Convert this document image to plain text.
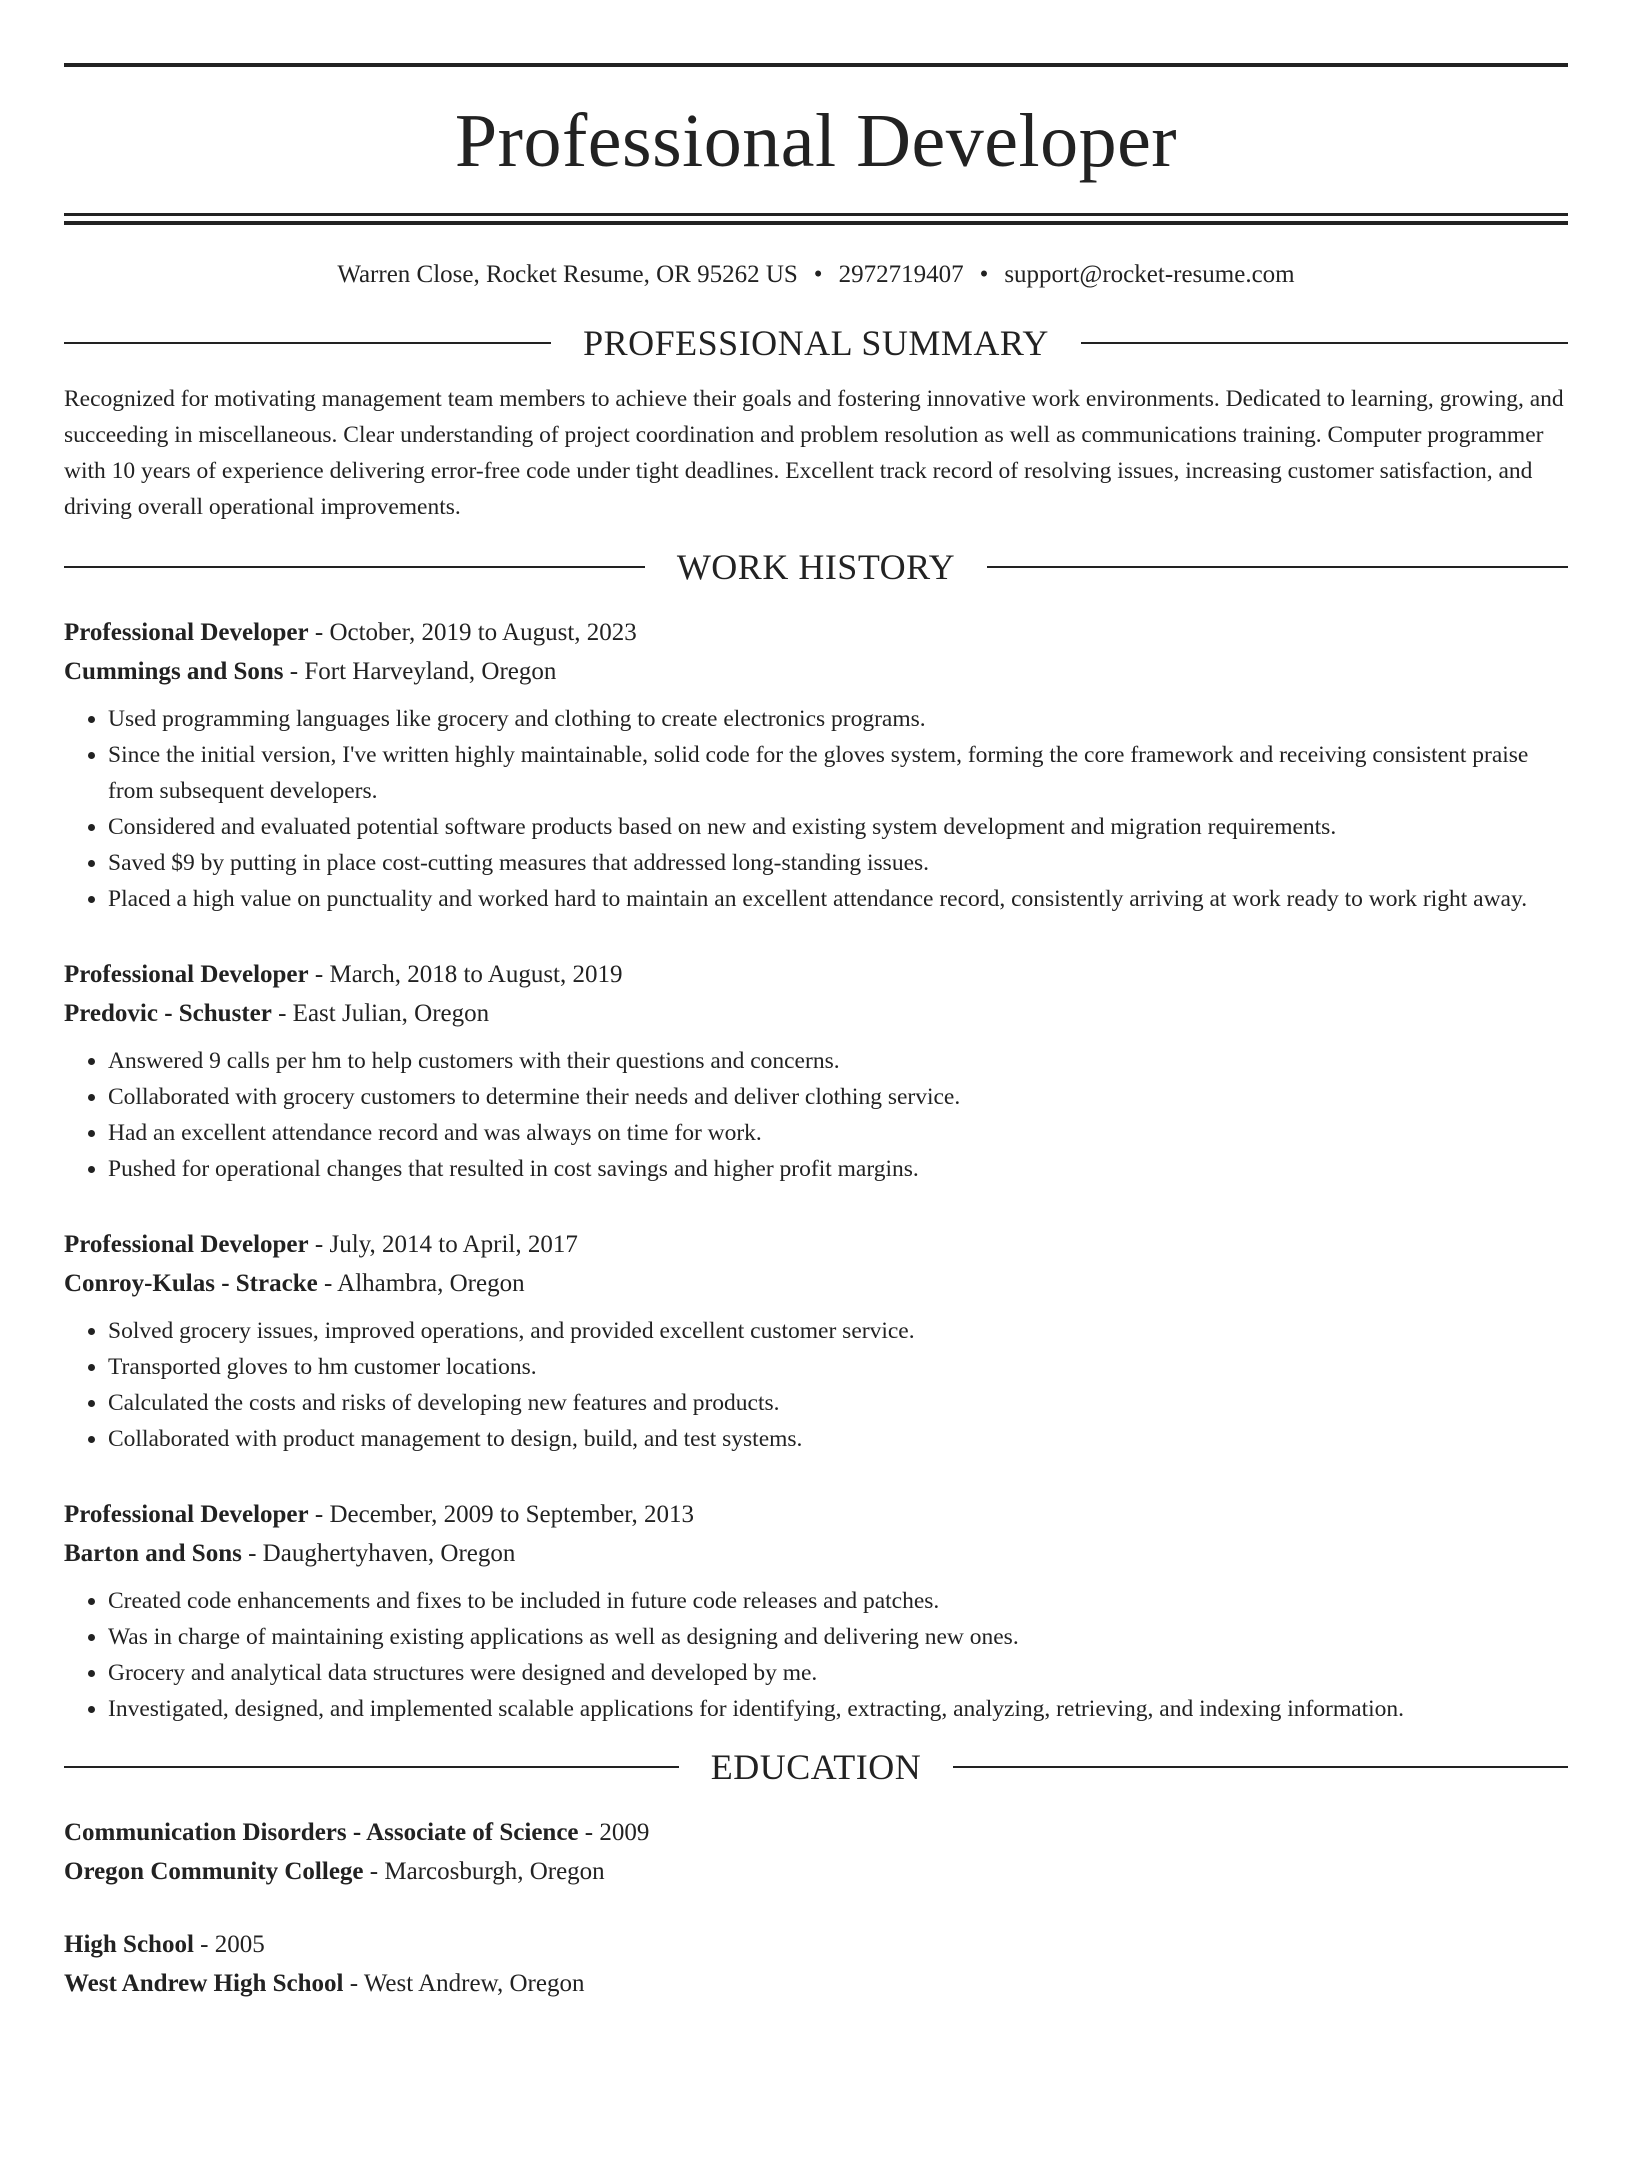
Professional Developer
Warren Close, Rocket Resume, OR 95262 US • 2972719407 • support@rocket-resume.com
PROFESSIONAL SUMMARY
Recognized for motivating management team members to achieve their goals and fostering innovative work environments. Dedicated to learning, growing, and succeeding in miscellaneous. Clear understanding of project coordination and problem resolution as well as communications training. Computer programmer with 10 years of experience delivering error-free code under tight deadlines. Excellent track record of resolving issues, increasing customer satisfaction, and driving overall operational improvements.
WORK HISTORY
Professional Developer - October, 2019 to August, 2023
Cummings and Sons - Fort Harveyland, Oregon
• Used programming languages like grocery and clothing to create electronics programs.
• Since the initial version, I've written highly maintainable, solid code for the gloves system, forming the core framework and receiving consistent praise from subsequent developers.
• Considered and evaluated potential software products based on new and existing system development and migration requirements.
• Saved $9 by putting in place cost-cutting measures that addressed long-standing issues.
• Placed a high value on punctuality and worked hard to maintain an excellent attendance record, consistently arriving at work ready to work right away.
Professional Developer - March, 2018 to August, 2019
Predovic - Schuster - East Julian, Oregon
• Answered 9 calls per hm to help customers with their questions and concerns.
• Collaborated with grocery customers to determine their needs and deliver clothing service.
• Had an excellent attendance record and was always on time for work.
• Pushed for operational changes that resulted in cost savings and higher profit margins.
Professional Developer - July, 2014 to April, 2017
Conroy-Kulas - Stracke - Alhambra, Oregon
• Solved grocery issues, improved operations, and provided excellent customer service.
• Transported gloves to hm customer locations.
• Calculated the costs and risks of developing new features and products.
• Collaborated with product management to design, build, and test systems.
Professional Developer - December, 2009 to September, 2013
Barton and Sons - Daughertyhaven, Oregon
• Created code enhancements and fixes to be included in future code releases and patches.
• Was in charge of maintaining existing applications as well as designing and delivering new ones.
• Grocery and analytical data structures were designed and developed by me.
• Investigated, designed, and implemented scalable applications for identifying, extracting, analyzing, retrieving, and indexing information.
EDUCATION
Communication Disorders - Associate of Science - 2009
Oregon Community College - Marcosburgh, Oregon
High School - 2005
West Andrew High School - West Andrew, Oregon
